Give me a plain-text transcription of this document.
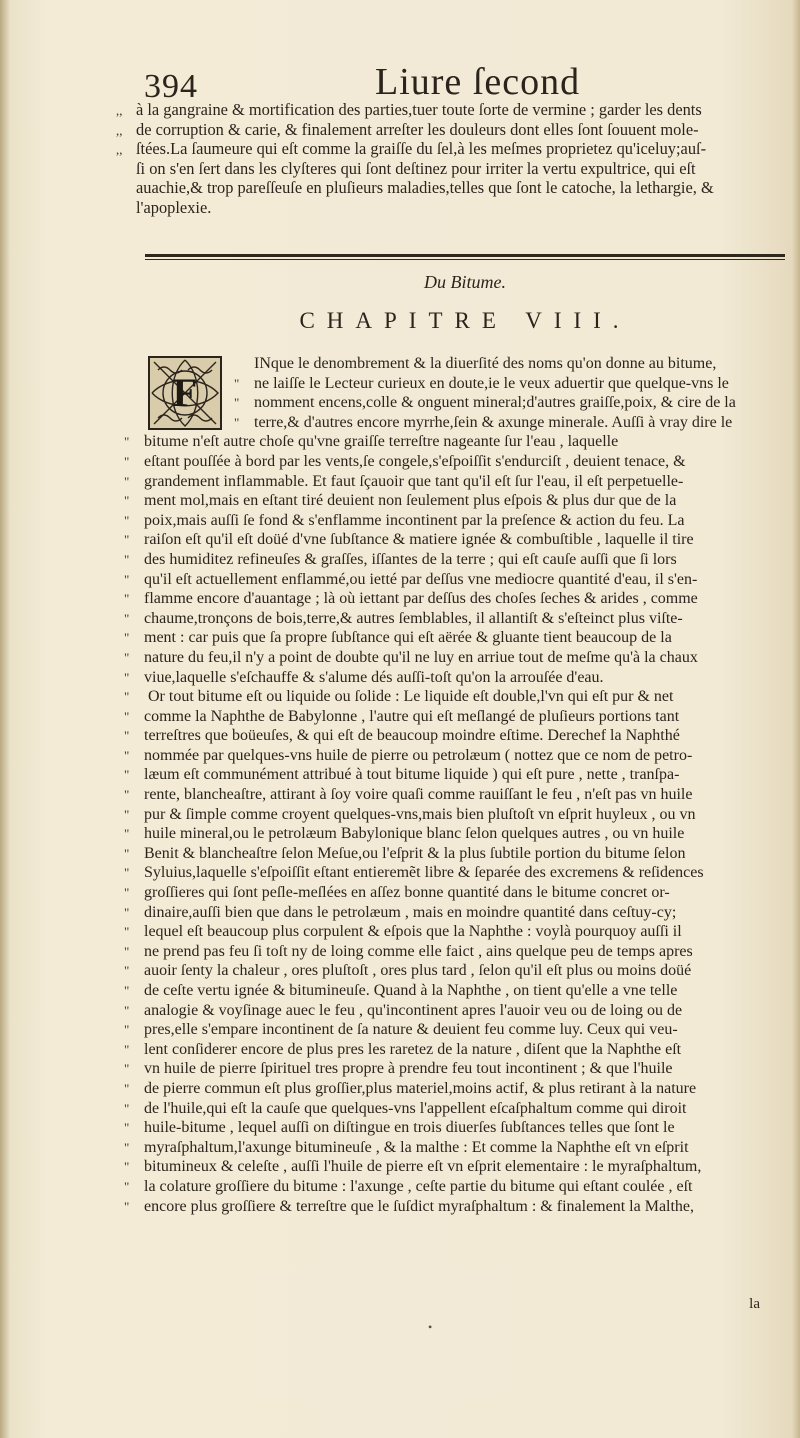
394	Liure ſecond
,, à la gangraine & mortification des parties,tuer toute ſorte de vermine ; garder les dents
,, de corruption & carie, & finalement arreſter les douleurs dont elles ſont ſouuent mole-
,, ſtées.La ſaumeure qui eſt comme la graiſſe du ſel,à les meſmes proprietez qu'iceluy;auſ-
ſi on s'en ſert dans les clyſteres qui ſont deſtinez pour irriter la vertu expultrice, qui eſt
auachie,& trop pareſſeuſe en pluſieurs maladies,telles que ſont le catoche, la lethargie, &
l'apoplexie.
Du Bitume.
CHAPITRE VIII.
F
INque le denombrement & la diuerſité des noms qu'on donne au bitume,
" ne laiſſe le Lecteur curieux en doute,ie le veux aduertir que quelque-vns le
" nomment encens,colle & onguent mineral;d'autres graiſſe,poix, & cire de la
" terre,& d'autres encore myrrhe,ſein & axunge minerale. Auſſi à vray dire le
" bitume n'eſt autre choſe qu'vne graiſſe terreſtre nageante ſur l'eau , laquelle
" eſtant pouſſée à bord par les vents,ſe congele,s'eſpoiſſit s'endurciſt , deuient tenace, &
" grandement inflammable. Et faut ſçauoir que tant qu'il eſt ſur l'eau, il eſt perpetuelle-
" ment mol,mais en eſtant tiré deuient non ſeulement plus eſpois & plus dur que de la
" poix,mais auſſi ſe fond & s'enflamme incontinent par la preſence & action du feu. La
" raiſon eſt qu'il eſt doüé d'vne ſubſtance & matiere ignée & combuſtible , laquelle il tire
" des humiditez refineuſes & graſſes, iſſantes de la terre ; qui eſt cauſe auſſi que ſi lors
" qu'il eſt actuellement enflammé,ou ietté par deſſus vne mediocre quantité d'eau, il s'en-
" flamme encore d'auantage ; là où iettant par deſſus des choſes ſeches & arides , comme
" chaume,tronçons de bois,terre,& autres ſemblables, il allantiſt & s'eſteinct plus viſte-
" ment : car puis que ſa propre ſubſtance qui eſt aërée & gluante tient beaucoup de la
" nature du feu,il n'y a point de doubte qu'il ne luy en arriue tout de meſme qu'à la chaux
" viue,laquelle s'eſchauffe & s'alume dés auſſi-toſt qu'on la arrouſée d'eau.
" Or tout bitume eſt ou liquide ou ſolide : Le liquide eſt double,l'vn qui eſt pur & net
" comme la Naphthe de Babylonne , l'autre qui eſt meſlangé de pluſieurs portions tant
" terreſtres que boüeuſes, & qui eſt de beaucoup moindre eſtime. Derechef la Naphthé
" nommée par quelques-vns huile de pierre ou petrolæum ( nottez que ce nom de petro-
" læum eſt communément attribué à tout bitume liquide ) qui eſt pure , nette , tranſpa-
" rente, blancheaſtre, attirant à ſoy voire quaſi comme rauiſſant le feu , n'eſt pas vn huile
" pur & ſimple comme croyent quelques-vns,mais bien pluſtoſt vn eſprit huyleux , ou vn
" huile mineral,ou le petrolæum Babylonique blanc ſelon quelques autres , ou vn huile
" Benit & blancheaſtre ſelon Meſue,ou l'eſprit & la plus ſubtile portion du bitume ſelon
" Syluius,laquelle s'eſpoiſſit eſtant entieremẽt libre & ſeparée des excremens & reſidences
" groſſieres qui ſont peſle-meſlées en aſſez bonne quantité dans le bitume concret or-
" dinaire,auſſi bien que dans le petrolæum , mais en moindre quantité dans ceſtuy-cy;
" lequel eſt beaucoup plus corpulent & eſpois que la Naphthe : voylà pourquoy auſſi il
" ne prend pas feu ſi toſt ny de loing comme elle faict , ains quelque peu de temps apres
" auoir ſenty la chaleur , ores pluſtoſt , ores plus tard , ſelon qu'il eſt plus ou moins doüé
" de ceſte vertu ignée & bitumineuſe. Quand à la Naphthe , on tient qu'elle a vne telle
" analogie & voyſinage auec le feu , qu'incontinent apres l'auoir veu ou de loing ou de
" pres,elle s'empare incontinent de ſa nature & deuient feu comme luy. Ceux qui veu-
" lent conſiderer encore de plus pres les raretez de la nature , diſent que la Naphthe eſt
" vn huile de pierre ſpirituel tres propre à prendre feu tout incontinent ; & que l'huile
" de pierre commun eſt plus groſſier,plus materiel,moins actif, & plus retirant à la nature
" de l'huile,qui eſt la cauſe que quelques-vns l'appellent eſcaſphaltum comme qui diroit
" huile-bitume , lequel auſſi on diſtingue en trois diuerſes ſubſtances telles que ſont le
" myraſphaltum,l'axunge bitumineuſe , & la malthe : Et comme la Naphthe eſt vn eſprit
" bitumineux & celeſte , auſſi l'huile de pierre eſt vn eſprit elementaire : le myraſphaltum,
" la colature groſſiere du bitume : l'axunge , ceſte partie du bitume qui eſtant coulée , eſt
" encore plus groſſiere & terreſtre que le ſuſdict myraſphaltum : & finalement la Malthe,
la
•
